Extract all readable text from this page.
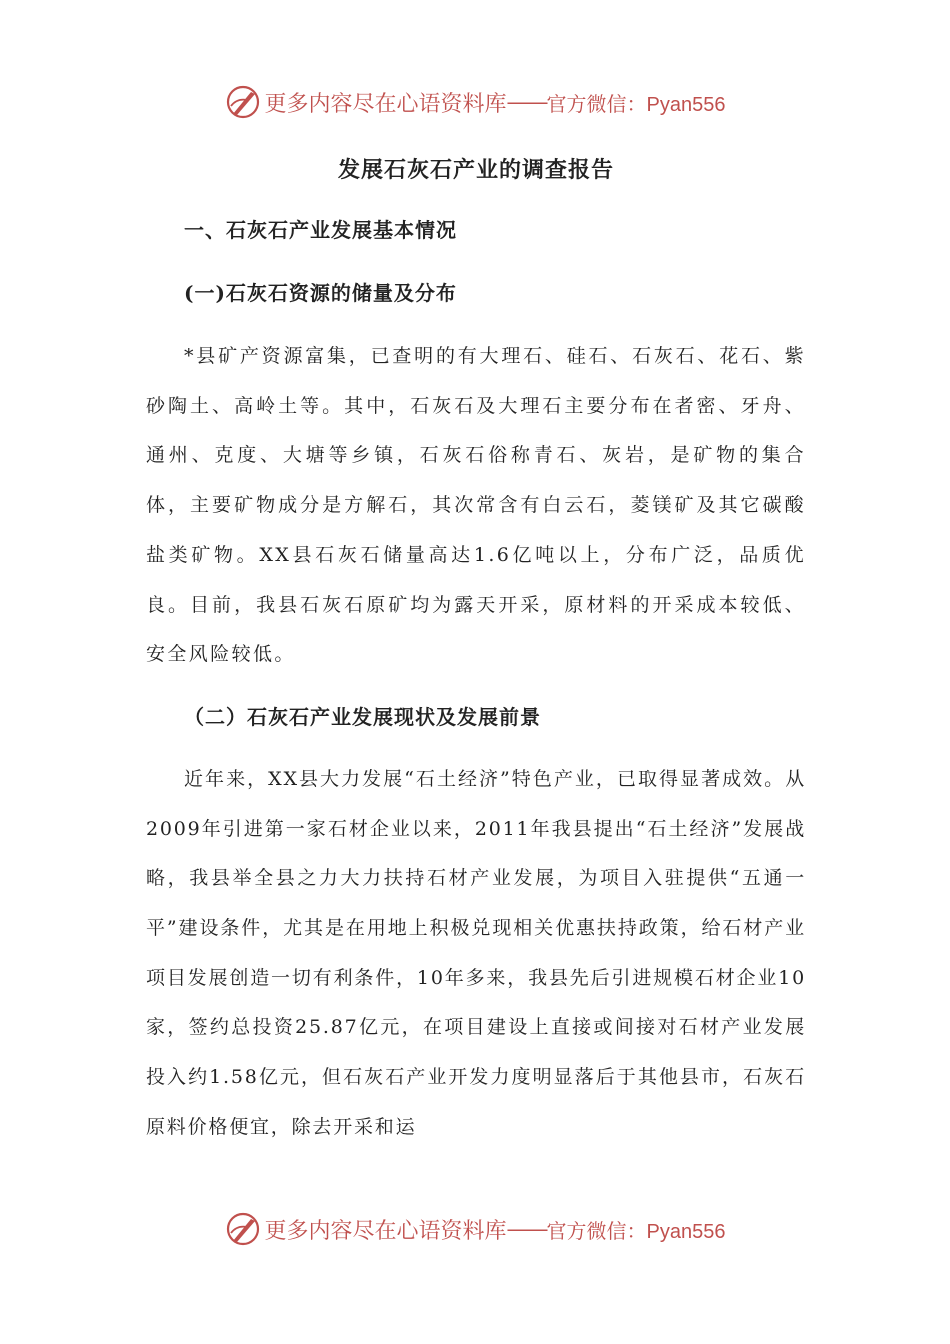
更多内容尽在心语资料库 —— 官方微信：Pyan556
发展石灰石产业的调查报告
一、石灰石产业发展基本情况
(一)石灰石资源的储量及分布

*县矿产资源富集，已查明的有大理石、硅石、石灰石、花石、紫砂陶土、高岭土等。其中，石灰石及大理石主要分布在者密、牙舟、通州、克度、大塘等乡镇，石灰石俗称青石、灰岩，是矿物的集合体，主要矿物成分是方解石，其次常含有白云石，菱镁矿及其它碳酸盐类矿物。XX县石灰石储量高达1.6亿吨以上，分布广泛，品质优良。目前，我县石灰石原矿均为露天开采，原材料的开采成本较低、安全风险较低。

（二）石灰石产业发展现状及发展前景

近年来，XX县大力发展“石土经济”特色产业，已取得显著成效。从2009年引进第一家石材企业以来，2011年我县提出“石土经济”发展战略，我县举全县之力大力扶持石材产业发展，为项目入驻提供“五通一平”建设条件，尤其是在用地上积极兑现相关优惠扶持政策，给石材产业项目发展创造一切有利条件，10年多来，我县先后引进规模石材企业10家，签约总投资25.87亿元，在项目建设上直接或间接对石材产业发展投入约1.58亿元，但石灰石产业开发力度明显落后于其他县市，石灰石原料价格便宜，除去开采和运

更多内容尽在心语资料库 —— 官方微信：Pyan556
